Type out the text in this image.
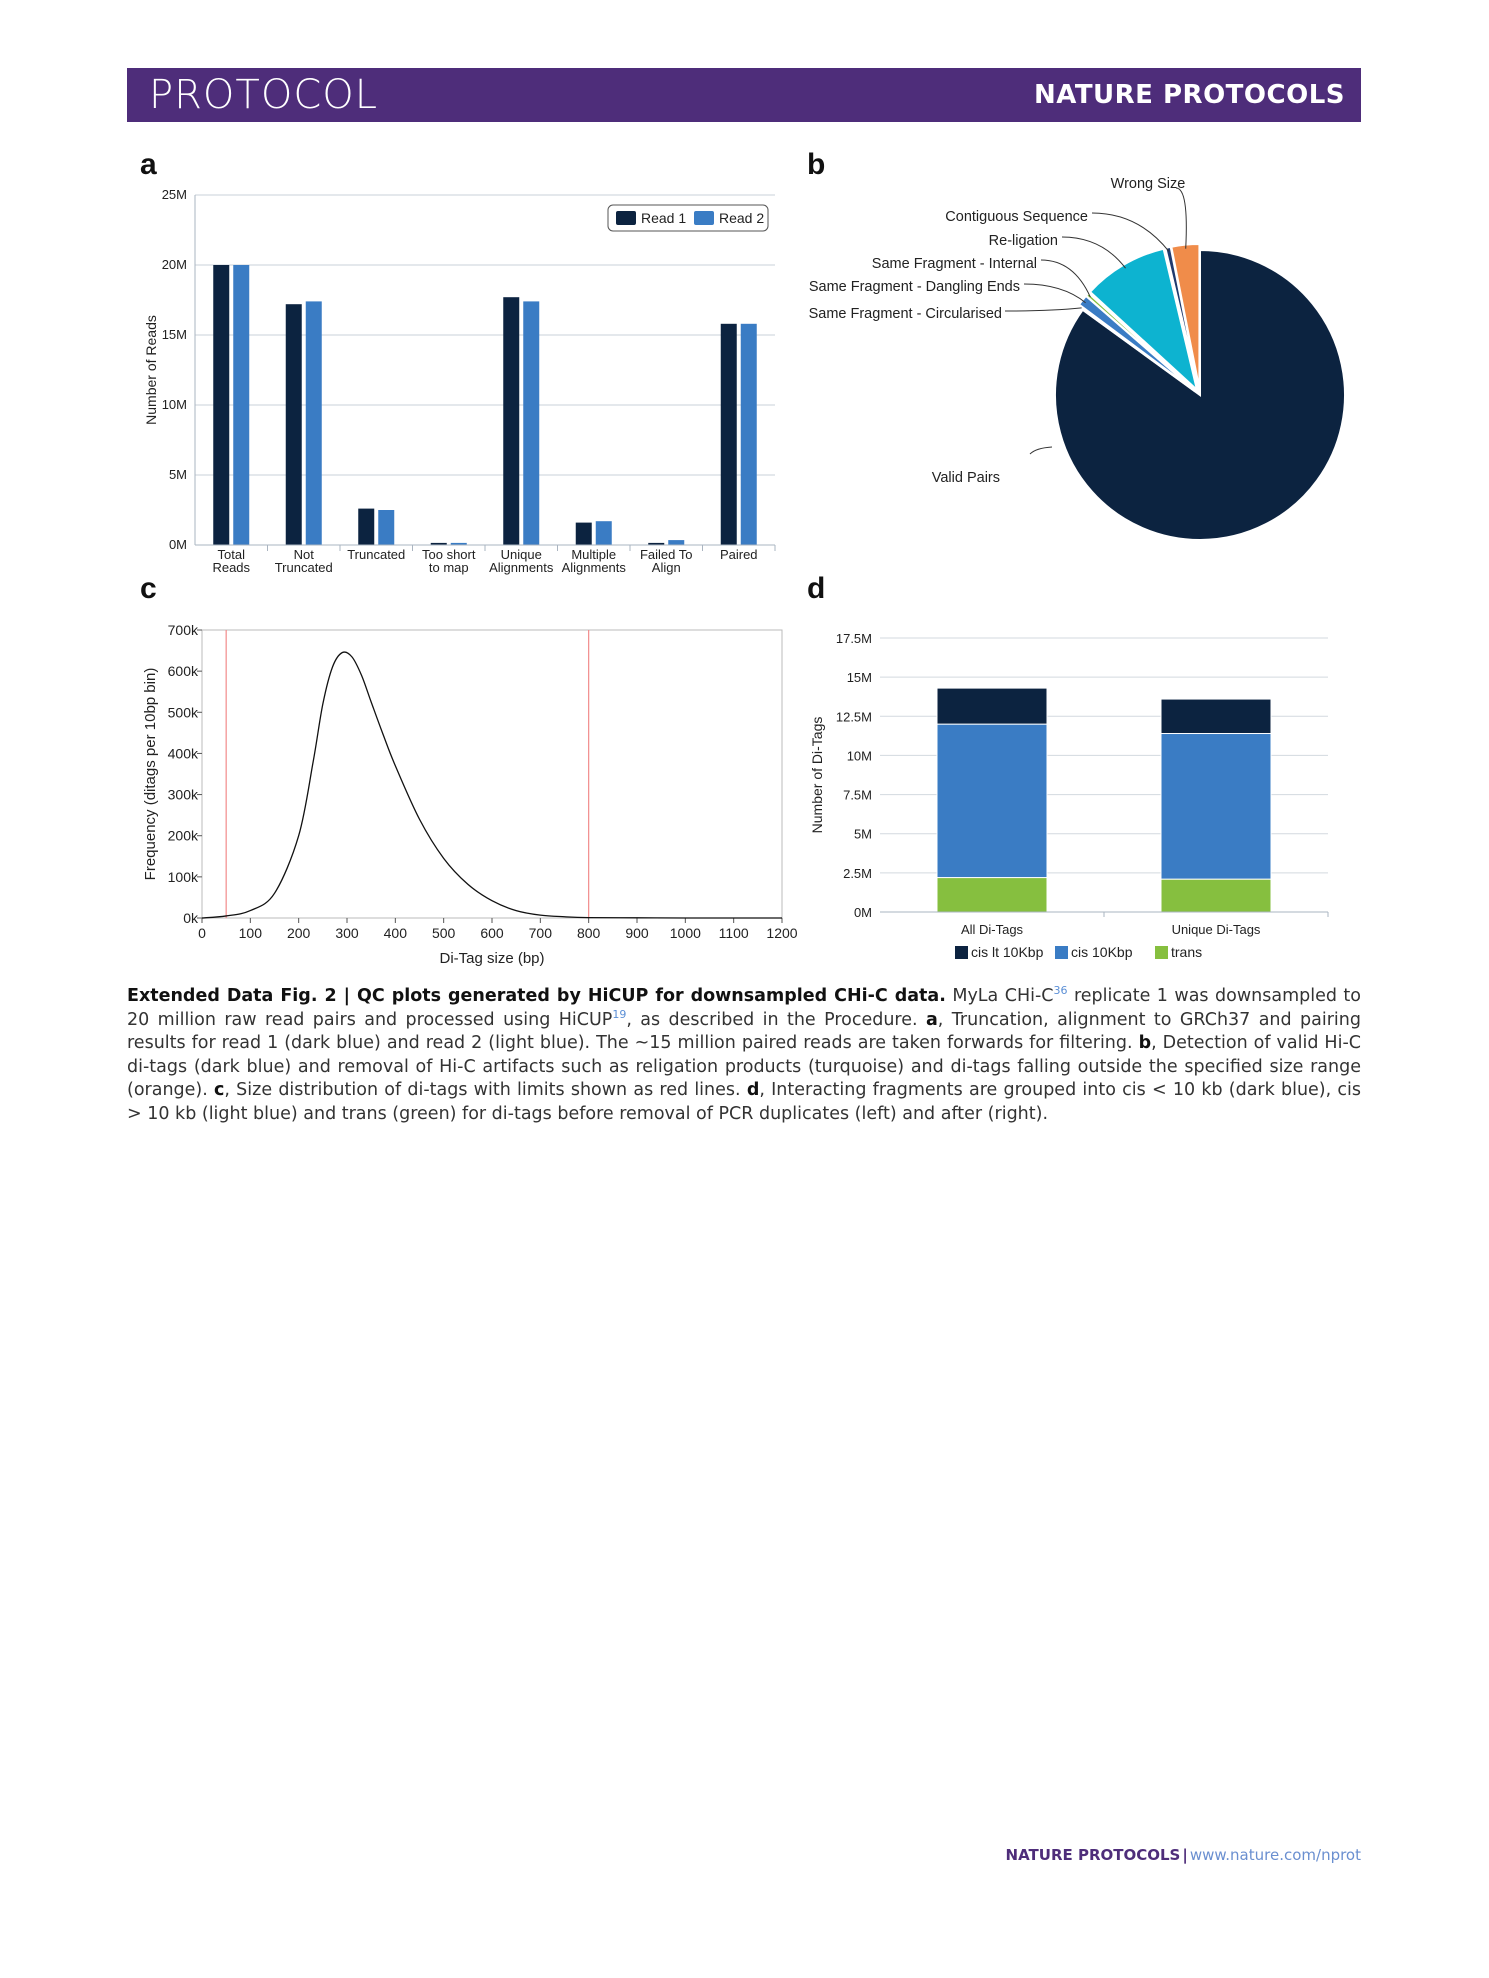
PROTOCOL	NATURE PROTOCOLS
a	b
c	d
0M
5M
10M
15M
20M
25M
Number of Reads
Total
Reads
Not
Truncated
Truncated Too short
to map
Unique
Alignments
Multiple
Alignments
Failed To
Align
Paired
Read 1 Read 2
Valid Pairs
Same Fragment - Circularised
Same Fragment - Dangling Ends
Same Fragment - Internal
Re-ligation
Contiguous Sequence
Wrong Size
0k
100k
200k
300k
400k
500k
600k
700k
0 100 200 300 400 500 600 700 800 900 1000 1100 1200
Di-Tag size (bp)
Frequency (ditags per 10bp bin)
0M
2.5M
5M
7.5M
10M
12.5M
15M
17.5M
Number of Di-Tags
All Di-Tags	Unique Di-Tags
cis lt 10Kbp cis 10Kbp	trans
Extended Data Fig. 2 | QC plots generated by HiCUP for downsampled CHi-C data. MyLa CHi-$C^{36}$ replicate 1 was downsampled to 20 million raw read pairs and processed using HiCUP$^{19}$, as described in the Procedure. a, Truncation, alignment to GRCh37 and pairing results for read 1 (dark blue) and read 2 (light blue). The ~15 million paired reads are taken forwards for filtering. b, Detection of valid Hi-C di-tags (dark blue) and removal of Hi-C artifacts such as religation products (turquoise) and di-tags falling outside the specified size range (orange). c, Size distribution of di-tags with limits shown as red lines. d, Interacting fragments are grouped into cis < 10 kb (dark blue), cis > 10 kb (light blue) and trans (green) for di-tags before removal of PCR duplicates (left) and after (right).
NATURE PROTOCOLS | www.nature.com/nprot
